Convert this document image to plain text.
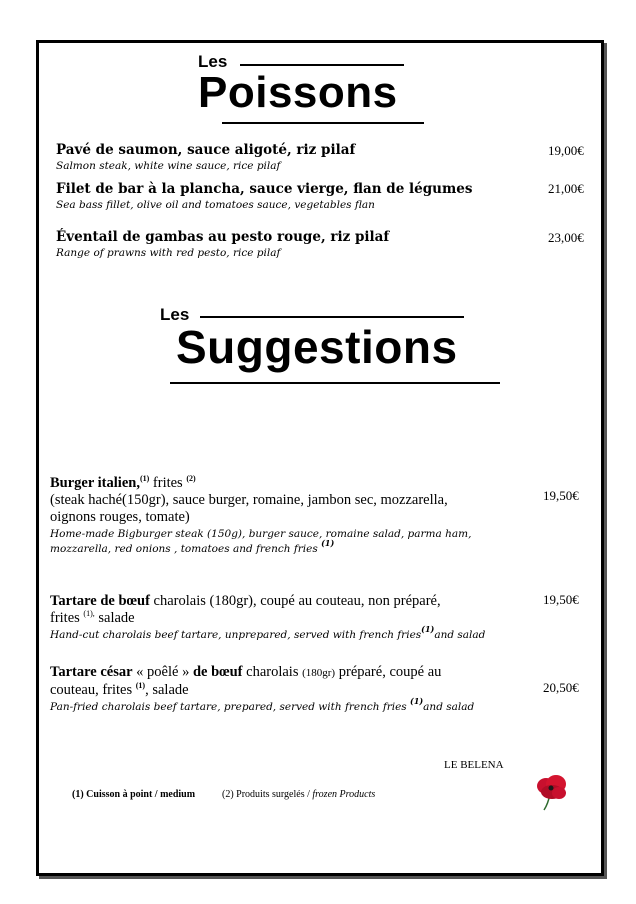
Les
Poissons
Pavé de saumon, sauce aligoté, riz pilaf
Salmon steak, white wine sauce, rice pilaf
19,00€
Filet de bar à la plancha, sauce vierge, flan de légumes
Sea bass fillet, olive oil and tomatoes sauce, vegetables flan
21,00€
Éventail de gambas au pesto rouge, riz pilaf
Range of prawns with red pesto, rice pilaf
23,00€
Les
Suggestions
Burger italien,$^{(1)}$ frites $^{(2)}$
(steak haché(150gr), sauce burger, romaine, jambon sec, mozzarella,
oignons rouges, tomate)
Home-made Bigburger steak (150g), burger sauce, romaine salad, parma ham,
mozzarella, red onions , tomatoes and french fries $^{(1)}$
19,50€
Tartare de bœuf charolais (180gr), coupé au couteau, non préparé,
frites $^{(1),}$ salade
Hand-cut charolais beef tartare, unprepared, served with french fries$^{(1)}$and salad
19,50€
Tartare césar « poêlé » de bœuf charolais (180gr) préparé, coupé au
couteau, frites $^{(1)}$, salade
Pan-fried charolais beef tartare, prepared, served with french fries $^{(1)}$and salad
20,50€
LE BELENA
(1) Cuisson à point / medium	(2) Produits surgelés / frozen Products
